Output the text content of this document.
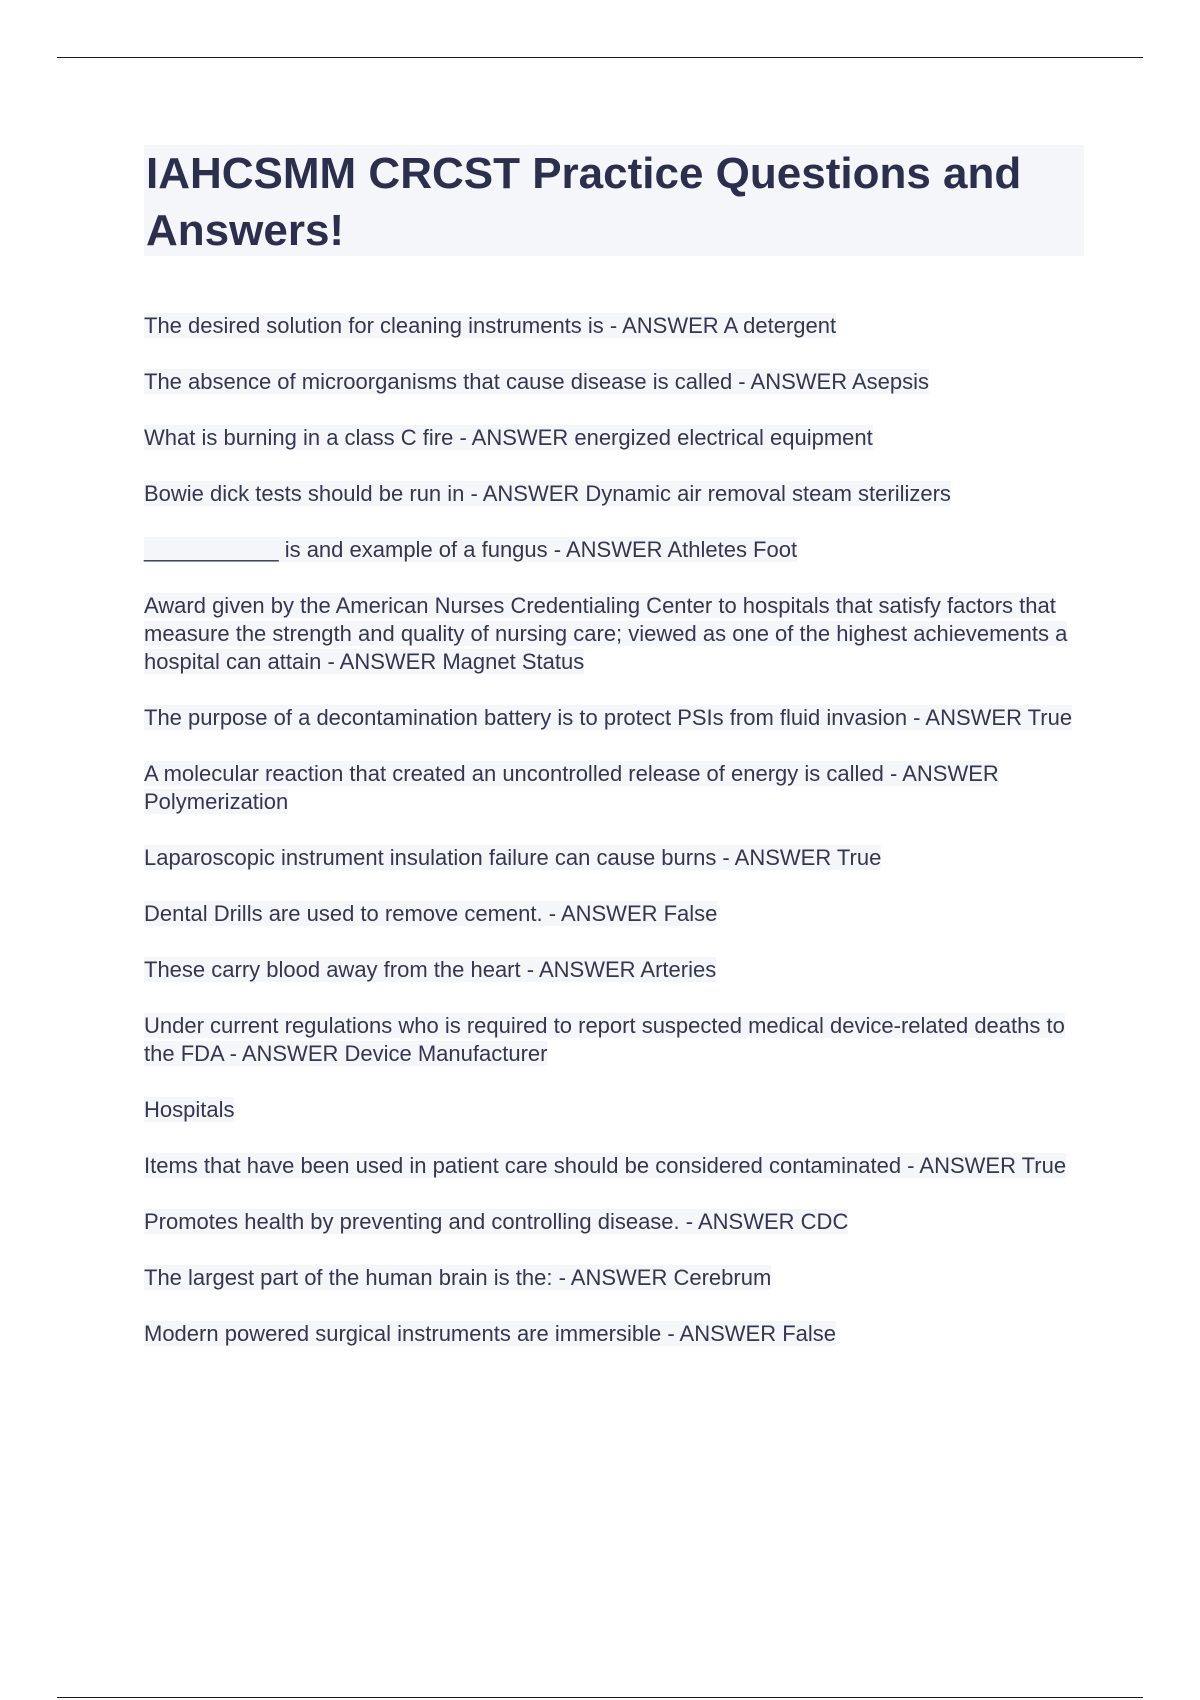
IAHCSMM CRCST Practice Questions and Answers!
The desired solution for cleaning instruments is - ANSWER A detergent
The absence of microorganisms that cause disease is called - ANSWER Asepsis
What is burning in a class C fire - ANSWER energized electrical equipment
Bowie dick tests should be run in - ANSWER Dynamic air removal steam sterilizers
___________ is and example of a fungus - ANSWER Athletes Foot
Award given by the American Nurses Credentialing Center to hospitals that satisfy factors that measure the strength and quality of nursing care; viewed as one of the highest achievements a hospital can attain - ANSWER Magnet Status
The purpose of a decontamination battery is to protect PSIs from fluid invasion - ANSWER True
A molecular reaction that created an uncontrolled release of energy is called - ANSWER Polymerization
Laparoscopic instrument insulation failure can cause burns - ANSWER True
Dental Drills are used to remove cement. - ANSWER False
These carry blood away from the heart - ANSWER Arteries
Under current regulations who is required to report suspected medical device-related deaths to the FDA - ANSWER Device Manufacturer
Hospitals
Items that have been used in patient care should be considered contaminated - ANSWER True
Promotes health by preventing and controlling disease. - ANSWER CDC
The largest part of the human brain is the: - ANSWER Cerebrum
Modern powered surgical instruments are immersible - ANSWER False
